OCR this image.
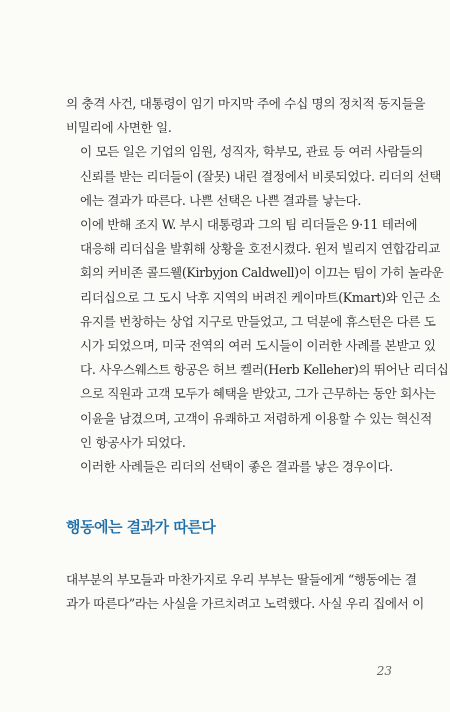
의 충격 사건, 대통령이 임기 마지막 주에 수십 명의 정치적 동지들을
비밀리에 사면한 일.

이 모든 일은 기업의 임원, 성직자, 학부모, 관료 등 여러 사람들의
신뢰를 받는 리더들이 (잘못) 내린 결정에서 비롯되었다. 리더의 선택
에는 결과가 따른다. 나쁜 선택은 나쁜 결과를 낳는다.

이에 반해 조지 W. 부시 대통령과 그의 팀 리더들은 9·11 테러에
대응해 리더십을 발휘해 상황을 호전시켰다. 윈저 빌리지 연합감리교
회의 커비존 콜드웰(Kirbyjon Caldwell)이 이끄는 팀이 가히 놀라운
리더십으로 그 도시 낙후 지역의 버려진 케이마트(Kmart)와 인근 소
유지를 번창하는 상업 지구로 만들었고, 그 덕분에 휴스턴은 다른 도
시가 되었으며, 미국 전역의 여러 도시들이 이러한 사례를 본받고 있
다. 사우스웨스트 항공은 허브 켈러(Herb Kelleher)의 뛰어난 리더십
으로 직원과 고객 모두가 혜택을 받았고, 그가 근무하는 동안 회사는
이윤을 남겼으며, 고객이 유쾌하고 저렴하게 이용할 수 있는 혁신적
인 항공사가 되었다.

이러한 사례들은 리더의 선택이 좋은 결과를 낳은 경우이다.

행동에는 결과가 따른다

대부분의 부모들과 마찬가지로 우리 부부는 딸들에게 “행동에는 결
과가 따른다”라는 사실을 가르치려고 노력했다. 사실 우리 집에서 이

23
